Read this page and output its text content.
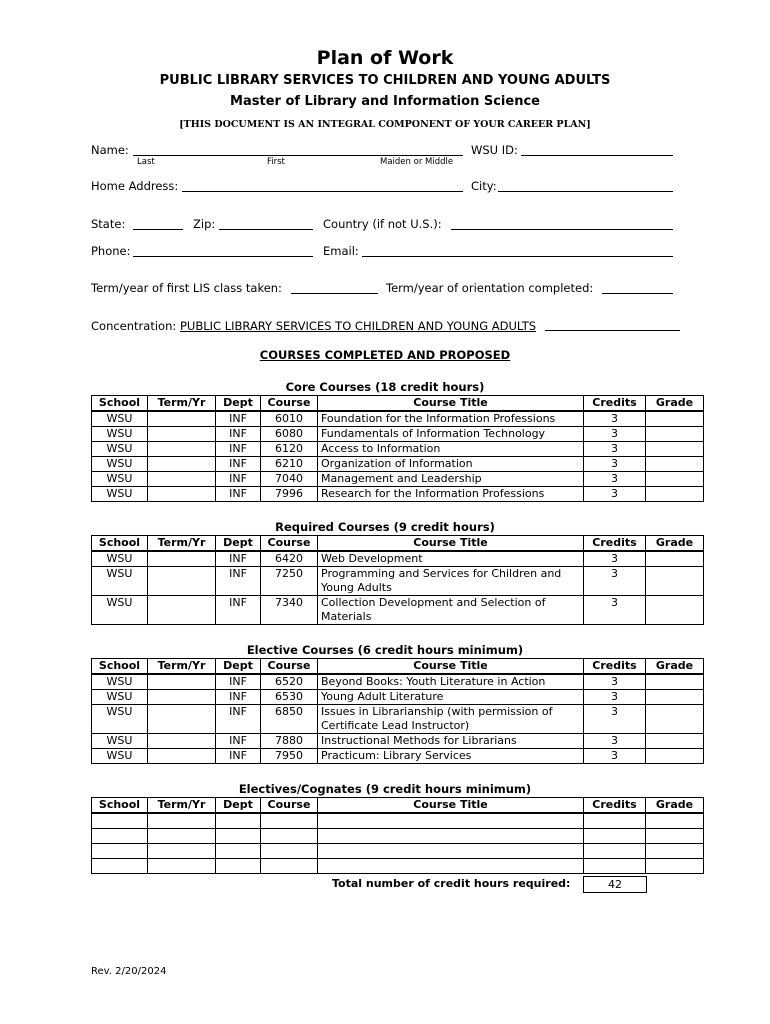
Plan of Work
PUBLIC LIBRARY SERVICES TO CHILDREN AND YOUNG ADULTS
Master of Library and Information Science
[THIS DOCUMENT IS AN INTEGRAL COMPONENT OF YOUR CAREER PLAN]
Name:	WSU ID:
Last	First	Maiden or Middle
Home Address:	City:
State:	Zip:	Country (if not U.S.):
Phone:	Email:
Term/year of first LIS class taken:	Term/year of orientation completed:
Concentration: PUBLIC LIBRARY SERVICES TO CHILDREN AND YOUNG ADULTS
COURSES COMPLETED AND PROPOSED
Core Courses (18 credit hours)
School	Term/Yr	Dept	Course	Course Title	Credits	Grade
WSU		INF	6010	Foundation for the Information Professions	3	
WSU		INF	6080	Fundamentals of Information Technology	3	
WSU		INF	6120	Access to Information	3	
WSU		INF	6210	Organization of Information	3	
WSU		INF	7040	Management and Leadership	3	
WSU		INF	7996	Research for the Information Professions	3	
Required Courses (9 credit hours)
School	Term/Yr	Dept	Course	Course Title	Credits	Grade
WSU		INF	6420	Web Development	3	
WSU		INF	7250	Programming and Services for Children and Young Adults	3	
WSU		INF	7340	Collection Development and Selection of Materials	3	
Elective Courses (6 credit hours minimum)
School	Term/Yr	Dept	Course	Course Title	Credits	Grade
WSU		INF	6520	Beyond Books: Youth Literature in Action	3	
WSU		INF	6530	Young Adult Literature	3	
WSU		INF	6850	Issues in Librarianship (with permission of Certificate Lead Instructor)	3	
WSU		INF	7880	Instructional Methods for Librarians	3	
WSU		INF	7950	Practicum: Library Services	3	
Electives/Cognates (9 credit hours minimum)
School	Term/Yr	Dept	Course	Course Title	Credits	Grade

Total number of credit hours required:	42
Rev. 2/20/2024
